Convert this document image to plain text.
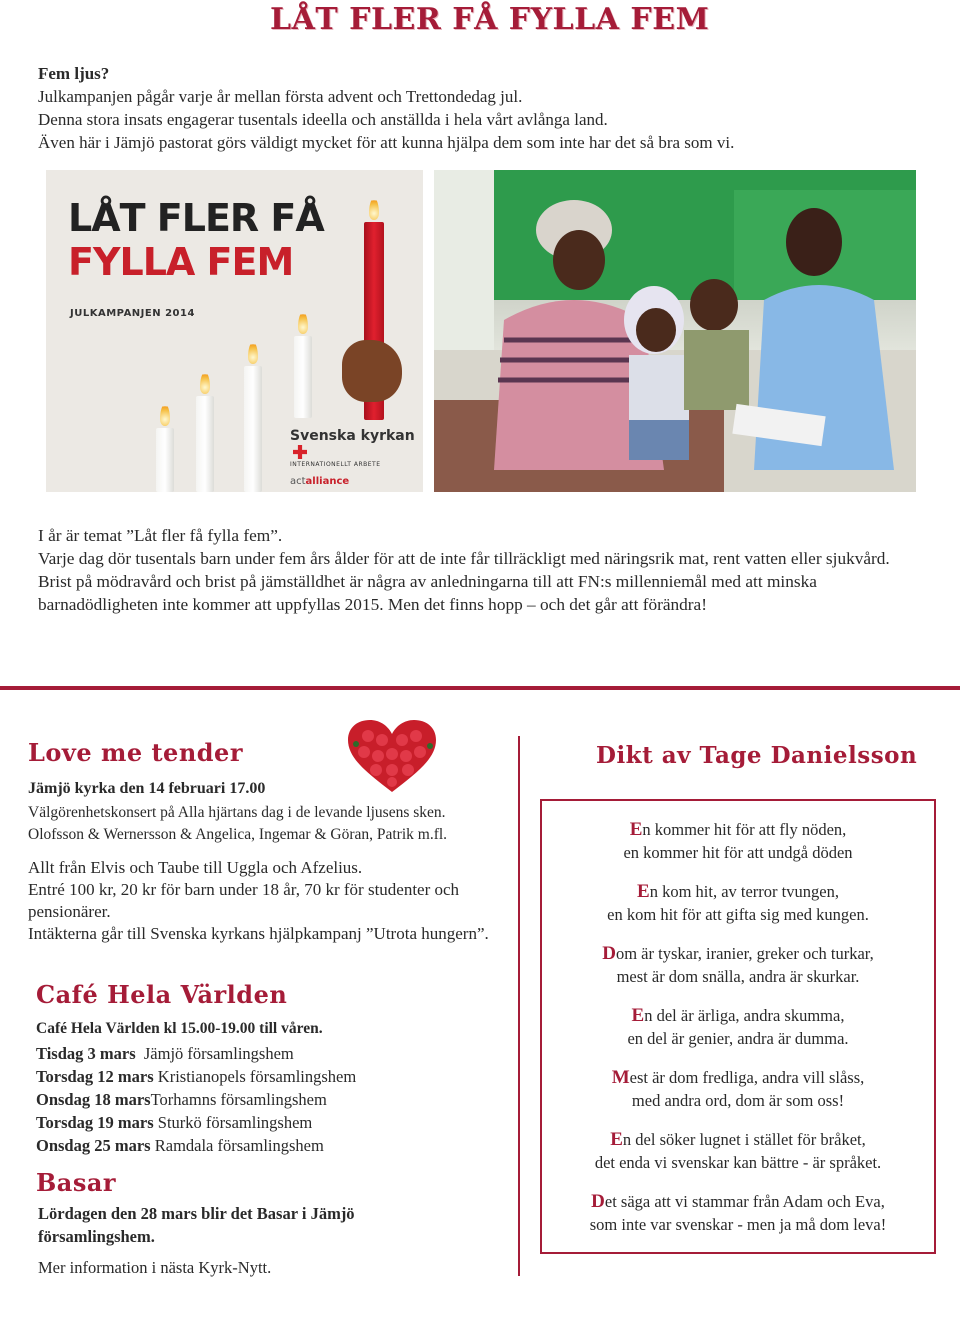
LÅT FLER FÅ FYLLA FEM

Fem ljus?

Julkampanjen pågår varje år mellan första advent och Trettondedag jul.

Denna stora insats engagerar tusentals ideella och anställda i hela vårt avlånga land.

Även här i Jämjö pastorat görs väldigt mycket för att kunna hjälpa dem som inte har det så bra som vi.

LÅT FLER FÅ
FYLLA FEM
JULKAMPANJEN 2014
Svenska kyrkan
INTERNATIONELLT ARBETE
actalliance

I år är temat ”Låt fler få fylla fem”.

Varje dag dör tusentals barn under fem års ålder för att de inte får tillräckligt med näringsrik mat, rent vatten eller sjukvård.

Brist på mödravård och brist på jämställdhet är några av anledningarna till att FN:s millenniemål med att minska barnadödligheten inte kommer att uppfyllas 2015. Men det finns hopp – och det går att förändra!

Love me tender
Jämjö kyrka den 14 februari 17.00

Välgörenhetskonsert på Alla hjärtans dag i de levande ljusens sken.

Olofsson & Wernersson & Angelica, Ingemar & Göran, Patrik m.fl.

Allt från Elvis och Taube till Uggla och Afzelius.

Entré 100 kr, 20 kr för barn under 18 år, 70 kr för studenter och pensionärer.

Intäkterna går till Svenska kyrkans hjälpkampanj ”Utrota hungern”.

Café Hela Världen

Café Hela Världen kl 15.00-19.00 till våren.

Tisdag 3 mars  Jämjö församlingshem

Torsdag 12 mars Kristianopels församlingshem

Onsdag 18 marsTorhamns församlingshem

Torsdag 19 mars Sturkö församlingshem

Onsdag 25 mars Ramdala församlingshem

Basar
Lördagen den 28 mars blir det Basar i Jämjö församlingshem.
Mer information i nästa Kyrk-Nytt.
Dikt av Tage Danielsson

En kommer hit för att fly nöden,
en kommer hit för att undgå döden

En kom hit, av terror tvungen,
en kom hit för att gifta sig med kungen.

Dom är tyskar, iranier, greker och turkar,
mest är dom snälla, andra är skurkar.

En del är ärliga, andra skumma,
en del är genier, andra är dumma.

Mest är dom fredliga, andra vill slåss,
med andra ord, dom är som oss!

En del söker lugnet i stället för bråket,
det enda vi svenskar kan bättre - är språket.

Det säga att vi stammar från Adam och Eva,
som inte var svenskar - men ja må dom leva!
